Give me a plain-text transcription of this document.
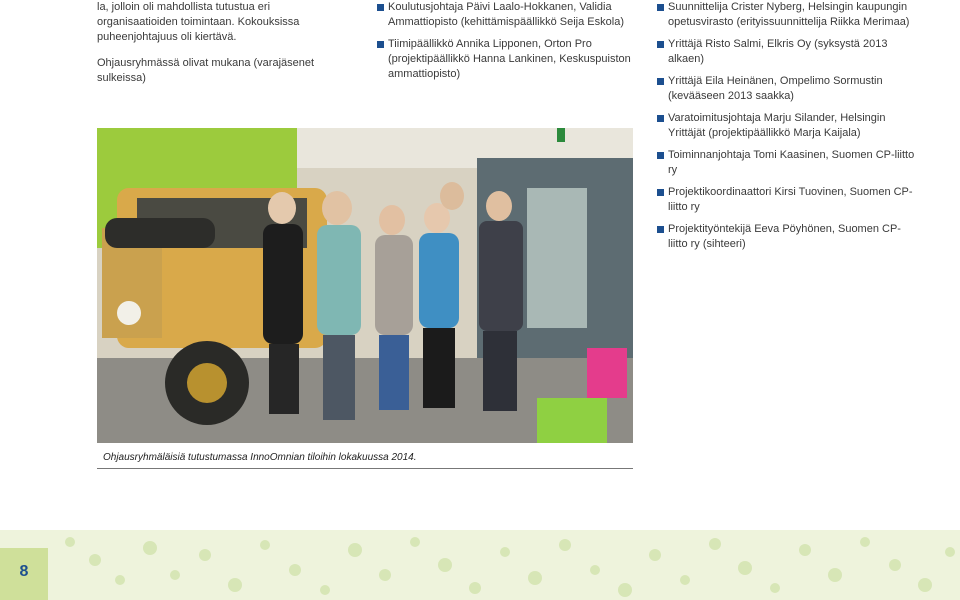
la, jolloin oli mahdollista tutustua eri organisaatioiden toimintaan. Kokouksissa puheenjohtajuus oli kiertävä.

Ohjausryhmässä olivat mukana (varajäsenet sulkeissa)

Koulutusjohtaja Päivi Laalo-Hokkanen, Validia Ammattiopisto (kehittämispäällikkö Seija Eskola)
Tiimipäällikkö Annika Lipponen, Orton Pro (projektipäällikkö Hanna Lankinen, Keskuspuiston ammattiopisto)
Suunnittelija Crister Nyberg, Helsingin kaupungin opetusvirasto (erityissuunnittelija Riikka Merimaa)
Yrittäjä Risto Salmi, Elkris Oy (syksystä 2013 alkaen)
Yrittäjä Eila Heinänen, Ompelimo Sormustin (kevääseen 2013 saakka)
Varatoimitusjohtaja Marju Silander, Helsingin Yrittäjät (projektipäällikkö Marja Kaijala)
Toiminnanjohtaja Tomi Kaasinen, Suomen CP-liitto ry
Projektikoordinaattori Kirsi Tuovinen, Suomen CP-liitto ry
Projektityöntekijä Eeva Pöyhönen, Suomen CP-liitto ry (sihteeri)
Ohjausryhmäläisiä tutustumassa InnoOmnian tiloihin lokakuussa 2014.
8
